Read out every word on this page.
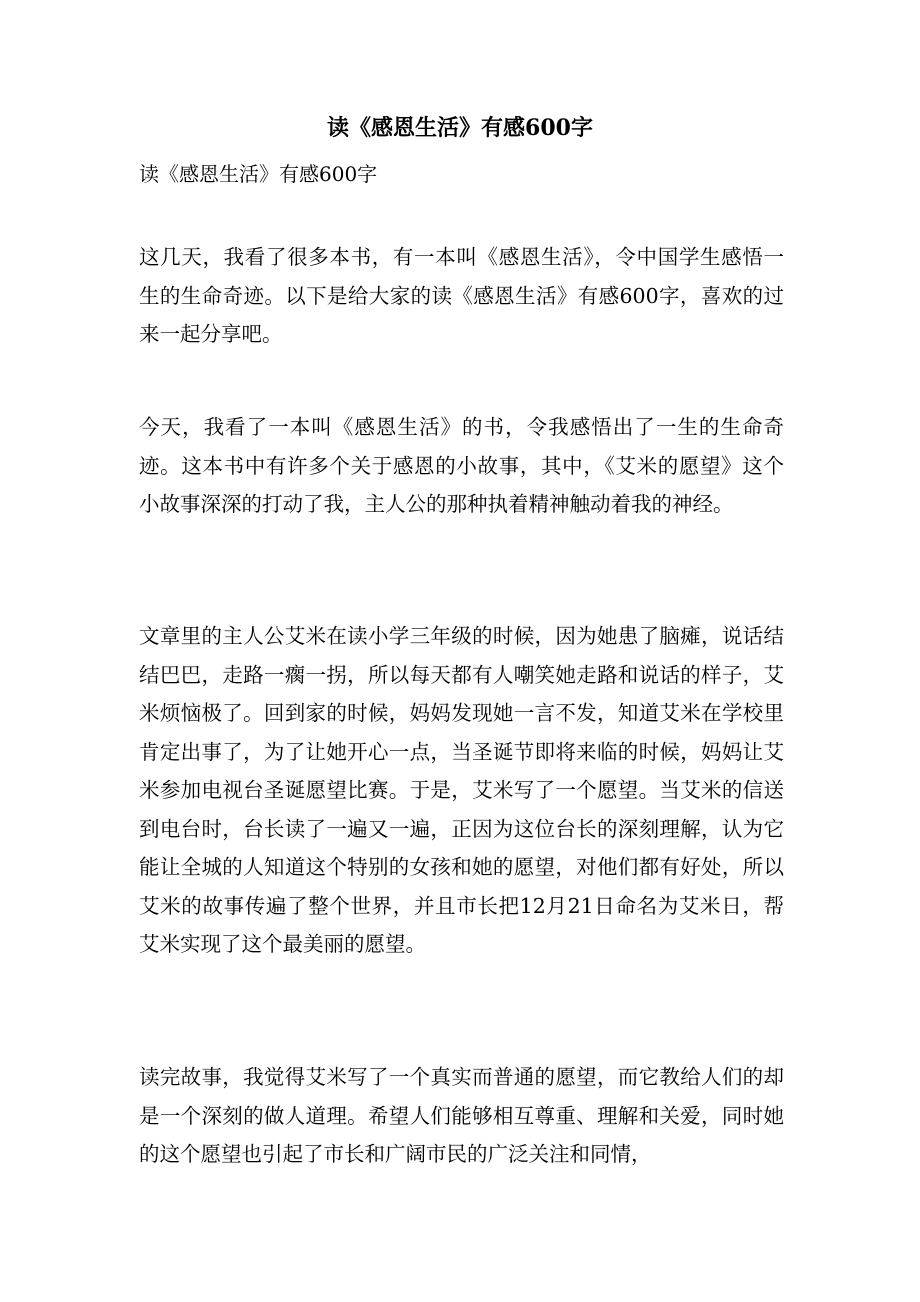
读《感恩生活》有感600字

读《感恩生活》有感600字

这几天，我看了很多本书，有一本叫《感恩生活》，令中国学生感悟一生的生命奇迹。以下是给大家的读《感恩生活》有感600字，喜欢的过来一起分享吧。

今天，我看了一本叫《感恩生活》的书，令我感悟出了一生的生命奇迹。这本书中有许多个关于感恩的小故事，其中，《艾米的愿望》这个小故事深深的打动了我，主人公的那种执着精神触动着我的神经。

文章里的主人公艾米在读小学三年级的时候，因为她患了脑瘫，说话结结巴巴，走路一瘸一拐，所以每天都有人嘲笑她走路和说话的样子，艾米烦恼极了。回到家的时候，妈妈发现她一言不发，知道艾米在学校里肯定出事了，为了让她开心一点，当圣诞节即将来临的时候，妈妈让艾米参加电视台圣诞愿望比赛。于是，艾米写了一个愿望。当艾米的信送到电台时，台长读了一遍又一遍，正因为这位台长的深刻理解，认为它能让全城的人知道这个特别的女孩和她的愿望，对他们都有好处，所以艾米的故事传遍了整个世界，并且市长把12月21日命名为艾米日，帮艾米实现了这个最美丽的愿望。

读完故事，我觉得艾米写了一个真实而普通的愿望，而它教给人们的却是一个深刻的做人道理。希望人们能够相互尊重、理解和关爱，同时她的这个愿望也引起了市长和广阔市民的广泛关注和同情，
